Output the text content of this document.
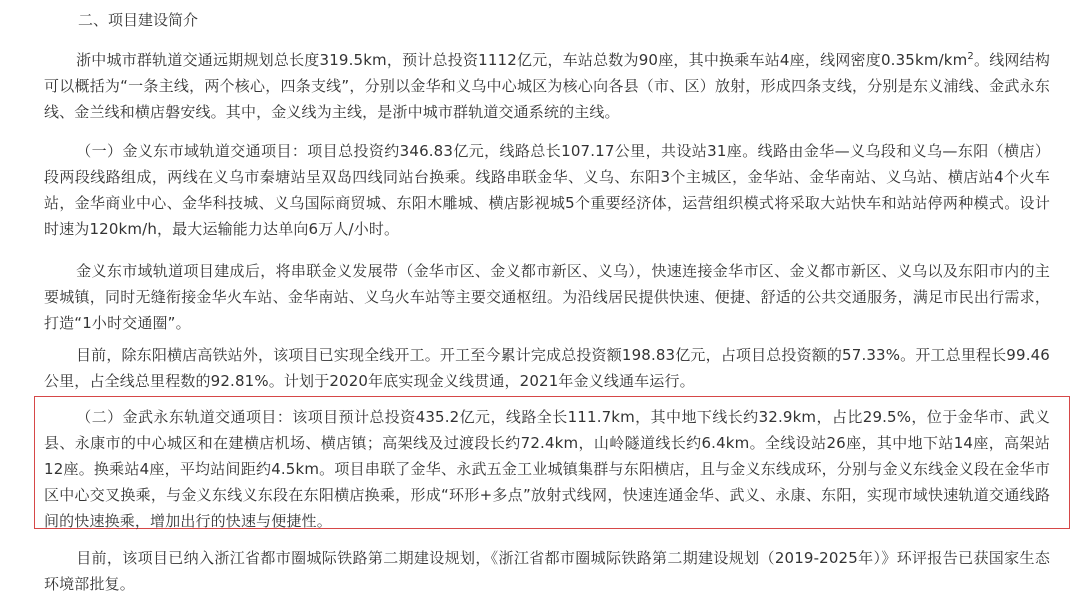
二、项目建设简介
浙中城市群轨道交通远期规划总长度319.5km，预计总投资1112亿元，车站总数为90座，其中换乘车站4座，线网密度$0.35km/km^2$。线网结构可以概括为“一条主线，两个核心，四条支线”，分别以金华和义乌中心城区为核心向各县（市、区）放射，形成四条支线，分别是东义浦线、金武永东线、金兰线和横店磐安线。其中，金义线为主线，是浙中城市群轨道交通系统的主线。
（一）金义东市域轨道交通项目：项目总投资约346.83亿元，线路总长107.17公里，共设站31座。线路由金华—义乌段和义乌—东阳（横店）段两段线路组成，两线在义乌市秦塘站呈双岛四线同站台换乘。线路串联金华、义乌、东阳3个主城区，金华站、金华南站、义乌站、横店站4个火车站，金华商业中心、金华科技城、义乌国际商贸城、东阳木雕城、横店影视城5个重要经济体，运营组织模式将采取大站快车和站站停两种模式。设计时速为120km/h，最大运输能力达单向6万人/小时。
金义东市域轨道项目建成后，将串联金义发展带（金华市区、金义都市新区、义乌），快速连接金华市区、金义都市新区、义乌以及东阳市内的主要城镇，同时无缝衔接金华火车站、金华南站、义乌火车站等主要交通枢纽。为沿线居民提供快速、便捷、舒适的公共交通服务，满足市民出行需求，打造“1小时交通圈”。
目前，除东阳横店高铁站外，该项目已实现全线开工。开工至今累计完成总投资额198.83亿元，占项目总投资额的57.33%。开工总里程长99.46公里，占全线总里程数的92.81%。计划于2020年底实现金义线贯通，2021年金义线通车运行。
（二）金武永东轨道交通项目：该项目预计总投资435.2亿元，线路全长111.7km，其中地下线长约32.9km，占比29.5%，位于金华市、武义县、永康市的中心城区和在建横店机场、横店镇；高架线及过渡段长约72.4km，山岭隧道线长约6.4km。全线设站26座，其中地下站14座，高架站12座。换乘站4座，平均站间距约4.5km。项目串联了金华、永武五金工业城镇集群与东阳横店，且与金义东线成环，分别与金义东线金义段在金华市区中心交叉换乘，与金义东线义东段在东阳横店换乘，形成“环形+多点”放射式线网，快速连通金华、武义、永康、东阳，实现市域快速轨道交通线路间的快速换乘，增加出行的快速与便捷性。
目前，该项目已纳入浙江省都市圈城际铁路第二期建设规划，《浙江省都市圈城际铁路第二期建设规划（2019-2025年）》环评报告已获国家生态环境部批复。
